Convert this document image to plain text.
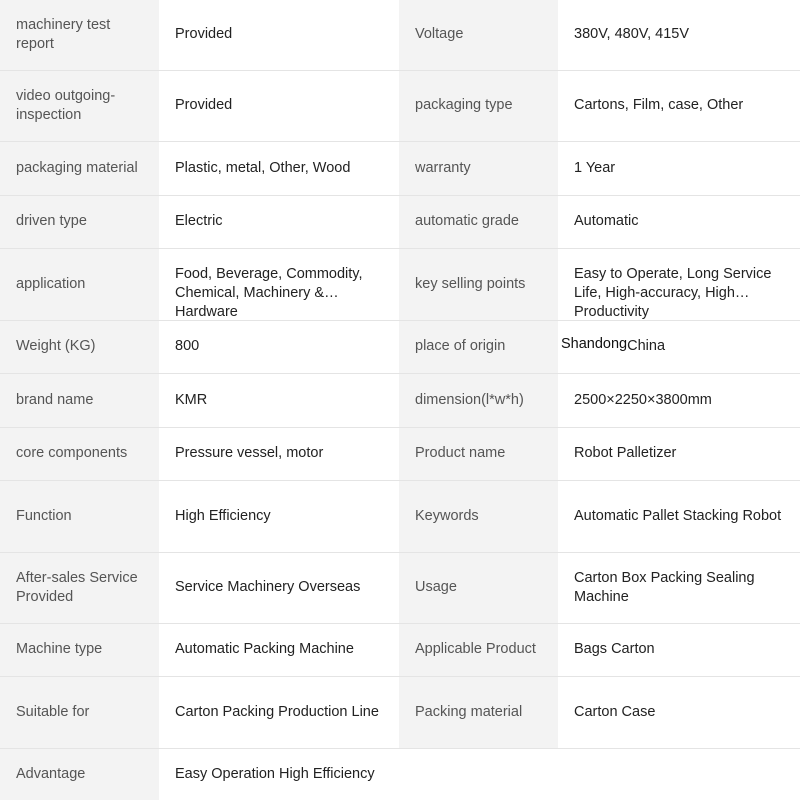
machinery test report	Provided	Voltage	380V, 480V, 415V

video outgoing-inspection	Provided	packaging type	Cartons, Film, case, Other

packaging material	Plastic, metal, Other, Wood	warranty	1 Year

driven type	Electric	automatic grade	Automatic

application	Food, Beverage, Commodity, Chemical, Machinery & Hardware	key selling points	Easy to Operate, Long Service Life, High-accuracy, High Productivity

Weight (KG)	800	place of origin	ShandongChina

brand name	KMR	dimension(l*w*h)	2500×2250×3800mm

core components	Pressure vessel, motor	Product name	Robot Palletizer

Function	High Efficiency	Keywords	Automatic Pallet Stacking Robot

After-sales Service Provided	Service Machinery Overseas	Usage	Carton Box Packing Sealing Machine

Machine type	Automatic Packing Machine	Applicable Product	Bags Carton

Suitable for	Carton Packing Production Line	Packing material	Carton Case

Advantage	Easy Operation High Efficiency		
